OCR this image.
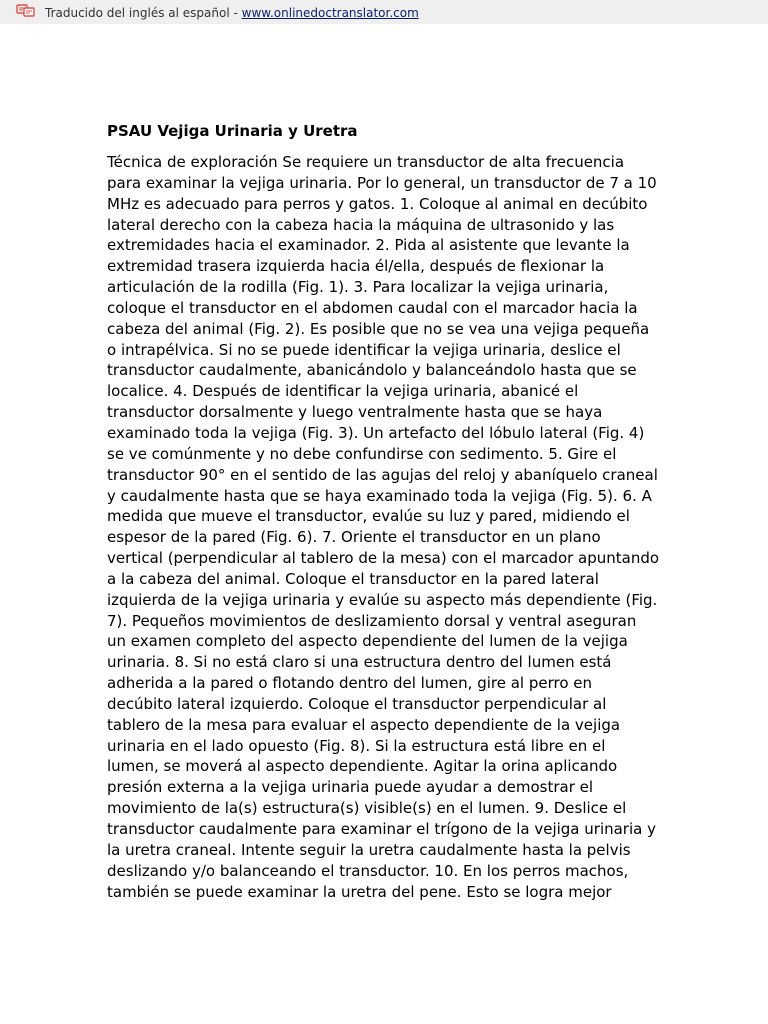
Traducido del inglés al español - www.onlinedoctranslator.com
PSAU Vejiga Urinaria y Uretra
Técnica de exploración Se requiere un transductor de alta frecuencia
para examinar la vejiga urinaria. Por lo general, un transductor de 7 a 10
MHz es adecuado para perros y gatos. 1. Coloque al animal en decúbito
lateral derecho con la cabeza hacia la máquina de ultrasonido y las
extremidades hacia el examinador. 2. Pida al asistente que levante la
extremidad trasera izquierda hacia él/ella, después de flexionar la
articulación de la rodilla (Fig. 1). 3. Para localizar la vejiga urinaria,
coloque el transductor en el abdomen caudal con el marcador hacia la
cabeza del animal (Fig. 2). Es posible que no se vea una vejiga pequeña
o intrapélvica. Si no se puede identificar la vejiga urinaria, deslice el
transductor caudalmente, abanicándolo y balanceándolo hasta que se
localice. 4. Después de identificar la vejiga urinaria, abanicé el
transductor dorsalmente y luego ventralmente hasta que se haya
examinado toda la vejiga (Fig. 3). Un artefacto del lóbulo lateral (Fig. 4)
se ve comúnmente y no debe confundirse con sedimento. 5. Gire el
transductor 90° en el sentido de las agujas del reloj y abaníquelo craneal
y caudalmente hasta que se haya examinado toda la vejiga (Fig. 5). 6. A
medida que mueve el transductor, evalúe su luz y pared, midiendo el
espesor de la pared (Fig. 6). 7. Oriente el transductor en un plano
vertical (perpendicular al tablero de la mesa) con el marcador apuntando
a la cabeza del animal. Coloque el transductor en la pared lateral
izquierda de la vejiga urinaria y evalúe su aspecto más dependiente (Fig.
7). Pequeños movimientos de deslizamiento dorsal y ventral aseguran
un examen completo del aspecto dependiente del lumen de la vejiga
urinaria. 8. Si no está claro si una estructura dentro del lumen está
adherida a la pared o flotando dentro del lumen, gire al perro en
decúbito lateral izquierdo. Coloque el transductor perpendicular al
tablero de la mesa para evaluar el aspecto dependiente de la vejiga
urinaria en el lado opuesto (Fig. 8). Si la estructura está libre en el
lumen, se moverá al aspecto dependiente. Agitar la orina aplicando
presión externa a la vejiga urinaria puede ayudar a demostrar el
movimiento de la(s) estructura(s) visible(s) en el lumen. 9. Deslice el
transductor caudalmente para examinar el trígono de la vejiga urinaria y
la uretra craneal. Intente seguir la uretra caudalmente hasta la pelvis
deslizando y/o balanceando el transductor. 10. En los perros machos,
también se puede examinar la uretra del pene. Esto se logra mejor
